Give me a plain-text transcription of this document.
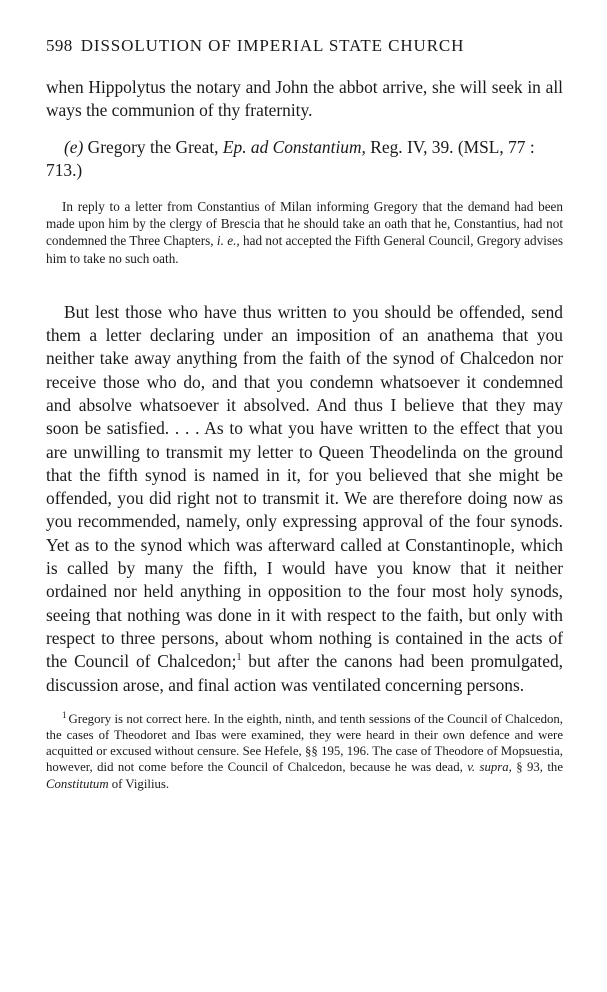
598 DISSOLUTION OF IMPERIAL STATE CHURCH

when Hippolytus the notary and John the abbot arrive, she will seek in all ways the communion of thy fraternity.

(e) Gregory the Great, Ep. ad Constantium, Reg. IV, 39. (MSL, 77 : 713.)

In reply to a letter from Constantius of Milan informing Gregory that the demand had been made upon him by the clergy of Brescia that he should take an oath that he, Constantius, had not condemned the Three Chapters, i. e., had not accepted the Fifth General Council, Gregory advises him to take no such oath.

But lest those who have thus written to you should be offended, send them a letter declaring under an imposition of an anathema that you neither take away anything from the faith of the synod of Chalcedon nor receive those who do, and that you condemn whatsoever it condemned and absolve whatsoever it absolved. And thus I believe that they may soon be satisfied. . . . As to what you have written to the effect that you are unwilling to transmit my letter to Queen Theodelinda on the ground that the fifth synod is named in it, for you believed that she might be offended, you did right not to transmit it. We are therefore doing now as you recommended, namely, only expressing approval of the four synods. Yet as to the synod which was afterward called at Constantinople, which is called by many the fifth, I would have you know that it neither ordained nor held anything in opposition to the four most holy synods, seeing that nothing was done in it with respect to the faith, but only with respect to three persons, about whom nothing is contained in the acts of the Council of Chalcedon;$^1$ but after the canons had been promulgated, discussion arose, and final action was ventilated concerning persons.

$^1$ Gregory is not correct here. In the eighth, ninth, and tenth sessions of the Council of Chalcedon, the cases of Theodoret and Ibas were examined, they were heard in their own defence and were acquitted or excused without censure. See Hefele, §§ 195, 196. The case of Theodore of Mopsuestia, however, did not come before the Council of Chalcedon, because he was dead, v. supra, § 93, the Constitutum of Vigilius.
